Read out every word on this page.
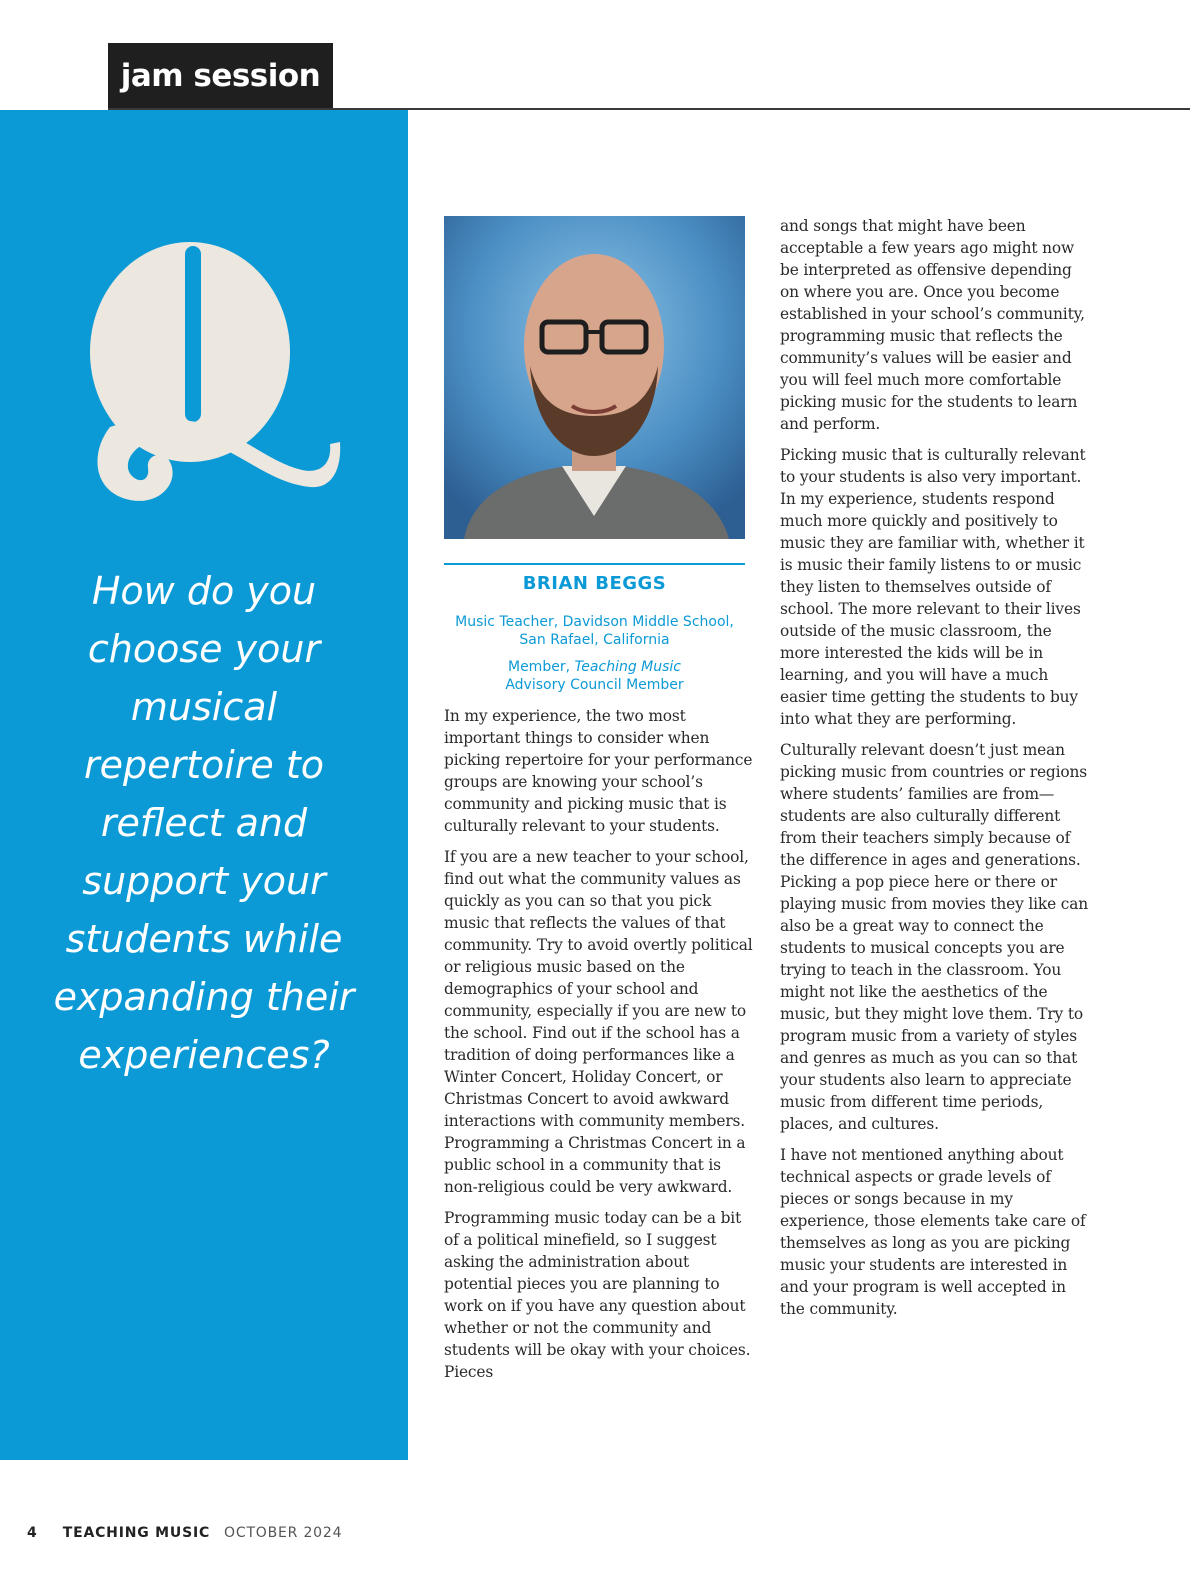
jam session

How do you choose your musical repertoire to reflect and support your students while expanding their experiences?

BRIAN BEGGS

Music Teacher, Davidson Middle School,
San Rafael, California

Member, Teaching Music
Advisory Council Member

In my experience, the two most important things to consider when picking repertoire for your performance groups are knowing your school’s community and picking music that is culturally relevant to your students.

If you are a new teacher to your school, find out what the community values as quickly as you can so that you pick music that reflects the values of that community. Try to avoid overtly political or religious music based on the demographics of your school and community, especially if you are new to the school. Find out if the school has a tradition of doing performances like a Winter Concert, Holiday Concert, or Christmas Concert to avoid awkward interactions with community members. Programming a Christmas Concert in a public school in a community that is non-religious could be very awkward.

Programming music today can be a bit of a political minefield, so I suggest asking the administration about potential pieces you are planning to work on if you have any question about whether or not the community and students will be okay with your choices. Pieces

and songs that might have been acceptable a few years ago might now be interpreted as offensive depending on where you are. Once you become established in your school’s community, programming music that reflects the community’s values will be easier and you will feel much more comfortable picking music for the students to learn and perform.

Picking music that is culturally relevant to your students is also very important. In my experience, students respond much more quickly and positively to music they are familiar with, whether it is music their family listens to or music they listen to themselves outside of school. The more relevant to their lives outside of the music classroom, the more interested the kids will be in learning, and you will have a much easier time getting the students to buy into what they are performing.

Culturally relevant doesn’t just mean picking music from countries or regions where students’ families are from—students are also culturally different from their teachers simply because of the difference in ages and generations. Picking a pop piece here or there or playing music from movies they like can also be a great way to connect the students to musical concepts you are trying to teach in the classroom. You might not like the aesthetics of the music, but they might love them. Try to program music from a variety of styles and genres as much as you can so that your students also learn to appreciate music from different time periods, places, and cultures.

I have not mentioned anything about technical aspects or grade levels of pieces or songs because in my experience, those elements take care of themselves as long as you are picking music your students are interested in and your program is well accepted in the community.

4 TEACHING MUSIC OCTOBER 2024
